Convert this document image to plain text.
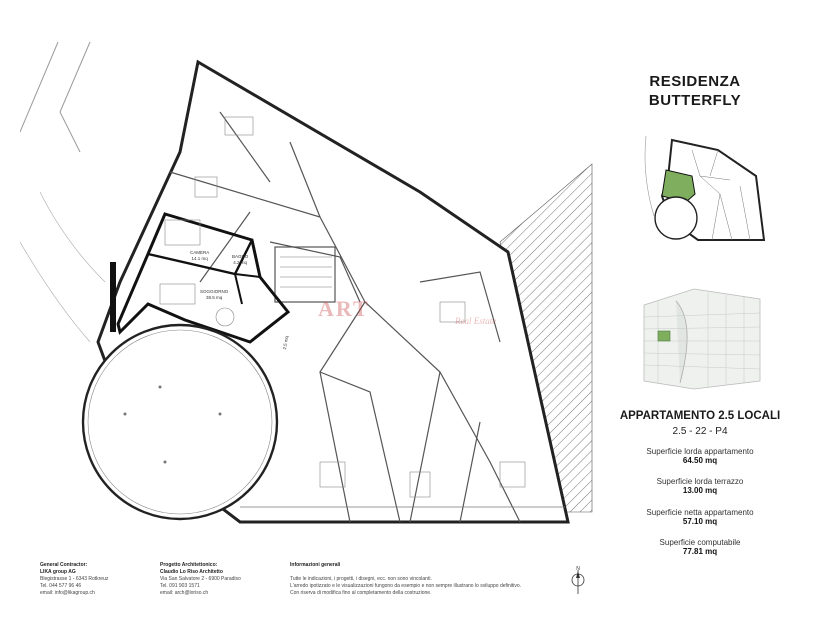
CAMERA
14.1 mq	BAGNO
4.2 mq
SOGGIORNO
38.5 mq
2.5 mq
ART	Real Estate
RESIDENZA
BUTTERFLY
APPARTAMENTO 2.5 LOCALI
2.5 - 22 - P4
Superficie lorda appartamento
64.50 mq
Superficie lorda terrazzo
13.00 mq
Superficie netta appartamento
57.10 mq
Superficie computabile
77.81 mq
General Contractor:
LIKA group AG
Blegistrasse 1 - 6343 Rotkreuz
Tel. 044 577 96 46
email: info@likagroup.ch
Progetto Architettonico:
Claudio Lo Riso Architetto
Via San Salvatore 2 - 6900 Paradiso
Tel. 091 903 1571
email: arch@loriso.ch
Informazioni generali

Tutte le indicazioni, i progetti, i disegni, ecc. non sono vincolanti.
L'arredo ipotizzato e le visualizzazioni fungono da esempio e non sempre illustrano lo sviluppo definitivo.
Con riserva di modifica fino al completamento della costruzione.
N
